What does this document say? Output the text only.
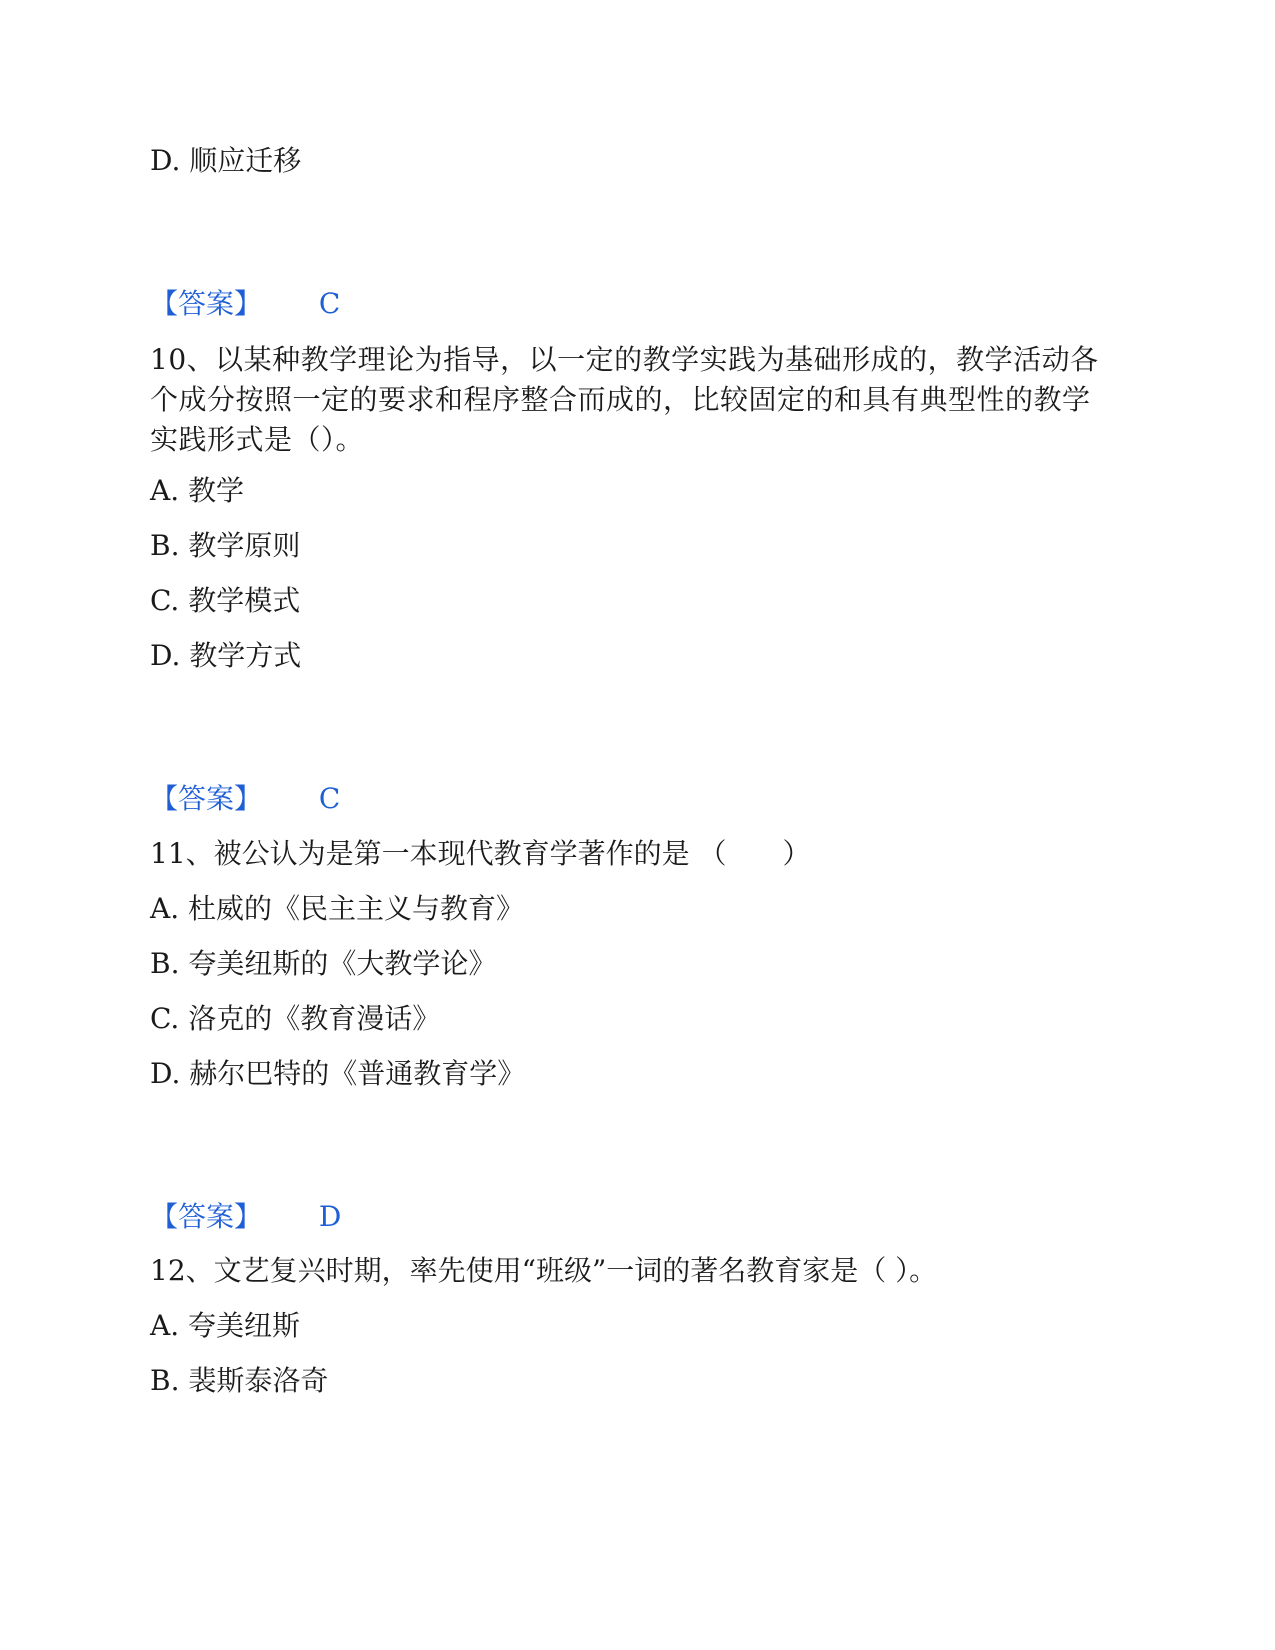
D. 顺应迁移
【答案】 C
10、以某种教学理论为指导，以一定的教学实践为基础形成的，教学活动各个成分按照一定的要求和程序整合而成的，比较固定的和具有典型性的教学实践形式是（）。
A. 教学
B. 教学原则
C. 教学模式
D. 教学方式
【答案】 C
11、被公认为是第一本现代教育学著作的是 （　　）
A. 杜威的《民主主义与教育》
B. 夸美纽斯的《大教学论》
C. 洛克的《教育漫话》
D. 赫尔巴特的《普通教育学》
【答案】 D
12、文艺复兴时期，率先使用“班级”一词的著名教育家是（ ）。
A. 夸美纽斯
B. 裴斯泰洛奇
